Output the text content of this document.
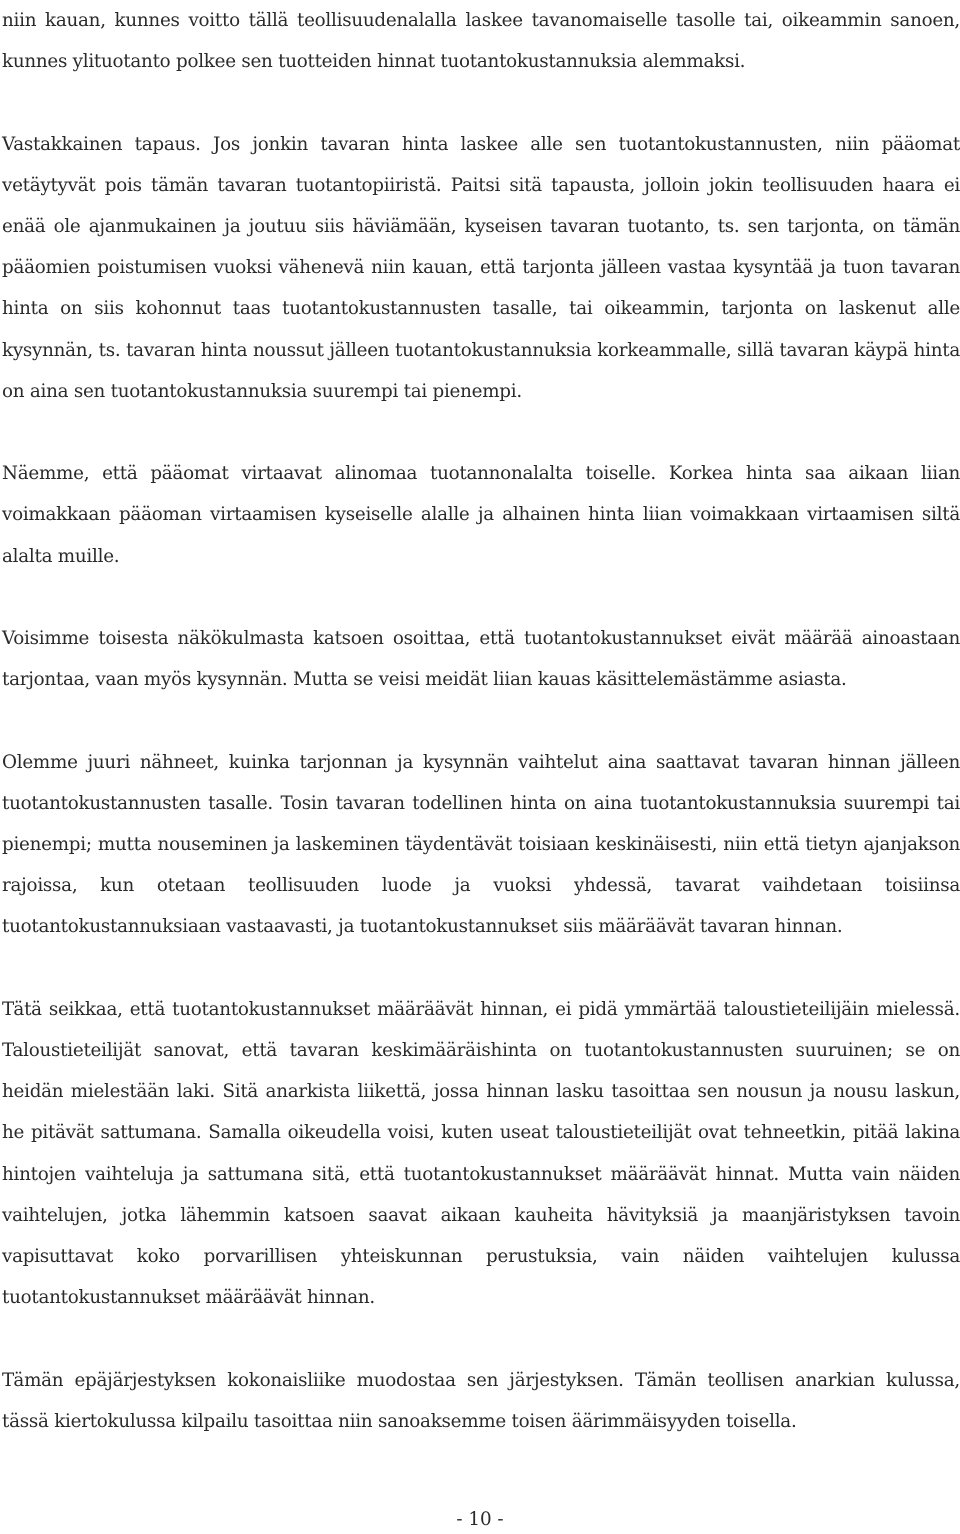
niin kauan, kunnes voitto tällä teollisuudenalalla laskee tavanomaiselle tasolle tai, oikeammin sanoen, kunnes ylituotanto polkee sen tuotteiden hinnat tuotantokustannuksia alemmaksi.

Vastakkainen tapaus. Jos jonkin tavaran hinta laskee alle sen tuotantokustannusten, niin pääomat vetäytyvät pois tämän tavaran tuotantopiiristä. Paitsi sitä tapausta, jolloin jokin teollisuuden haara ei enää ole ajanmukainen ja joutuu siis häviämään, kyseisen tavaran tuotanto, ts. sen tarjonta, on tämän pääomien poistumisen vuoksi vähenevä niin kauan, että tarjonta jälleen vastaa kysyntää ja tuon tavaran hinta on siis kohonnut taas tuotantokustannusten tasalle, tai oikeammin, tarjonta on laskenut alle kysynnän, ts. tavaran hinta noussut jälleen tuotantokustannuksia korkeammalle, sillä tavaran käypä hinta on aina sen tuotantokustannuksia suurempi tai pienempi.

Näemme, että pääomat virtaavat alinomaa tuotannonalalta toiselle. Korkea hinta saa aikaan liian voimakkaan pääoman virtaamisen kyseiselle alalle ja alhainen hinta liian voimakkaan virtaamisen siltä alalta muille.

Voisimme toisesta näkökulmasta katsoen osoittaa, että tuotantokustannukset eivät määrää ainoastaan tarjontaa, vaan myös kysynnän. Mutta se veisi meidät liian kauas käsittelemästämme asiasta.

Olemme juuri nähneet, kuinka tarjonnan ja kysynnän vaihtelut aina saattavat tavaran hinnan jälleen tuotantokustannusten tasalle. Tosin tavaran todellinen hinta on aina tuotantokustannuksia suurempi tai pienempi; mutta nouseminen ja laskeminen täydentävät toisiaan keskinäisesti, niin että tietyn ajanjakson rajoissa, kun otetaan teollisuuden luode ja vuoksi yhdessä, tavarat vaihdetaan toisiinsa tuotantokustannuksiaan vastaavasti, ja tuotantokustannukset siis määräävät tavaran hinnan.

Tätä seikkaa, että tuotantokustannukset määräävät hinnan, ei pidä ymmärtää taloustieteilijäin mielessä. Taloustieteilijät sanovat, että tavaran keskimääräishinta on tuotantokustannusten suuruinen; se on heidän mielestään laki. Sitä anarkista liikettä, jossa hinnan lasku tasoittaa sen nousun ja nousu laskun, he pitävät sattumana. Samalla oikeudella voisi, kuten useat taloustieteilijät ovat tehneetkin, pitää lakina hintojen vaihteluja ja sattumana sitä, että tuotantokustannukset määräävät hinnat. Mutta vain näiden vaihtelujen, jotka lähemmin katsoen saavat aikaan kauheita hävityksiä ja maanjäristyksen tavoin vapisuttavat koko porvarillisen yhteiskunnan perustuksia, vain näiden vaihtelujen kulussa tuotantokustannukset määräävät hinnan.

Tämän epäjärjestyksen kokonaisliike muodostaa sen järjestyksen. Tämän teollisen anarkian kulussa, tässä kiertokulussa kilpailu tasoittaa niin sanoaksemme toisen äärimmäisyyden toisella.

- 10 -
